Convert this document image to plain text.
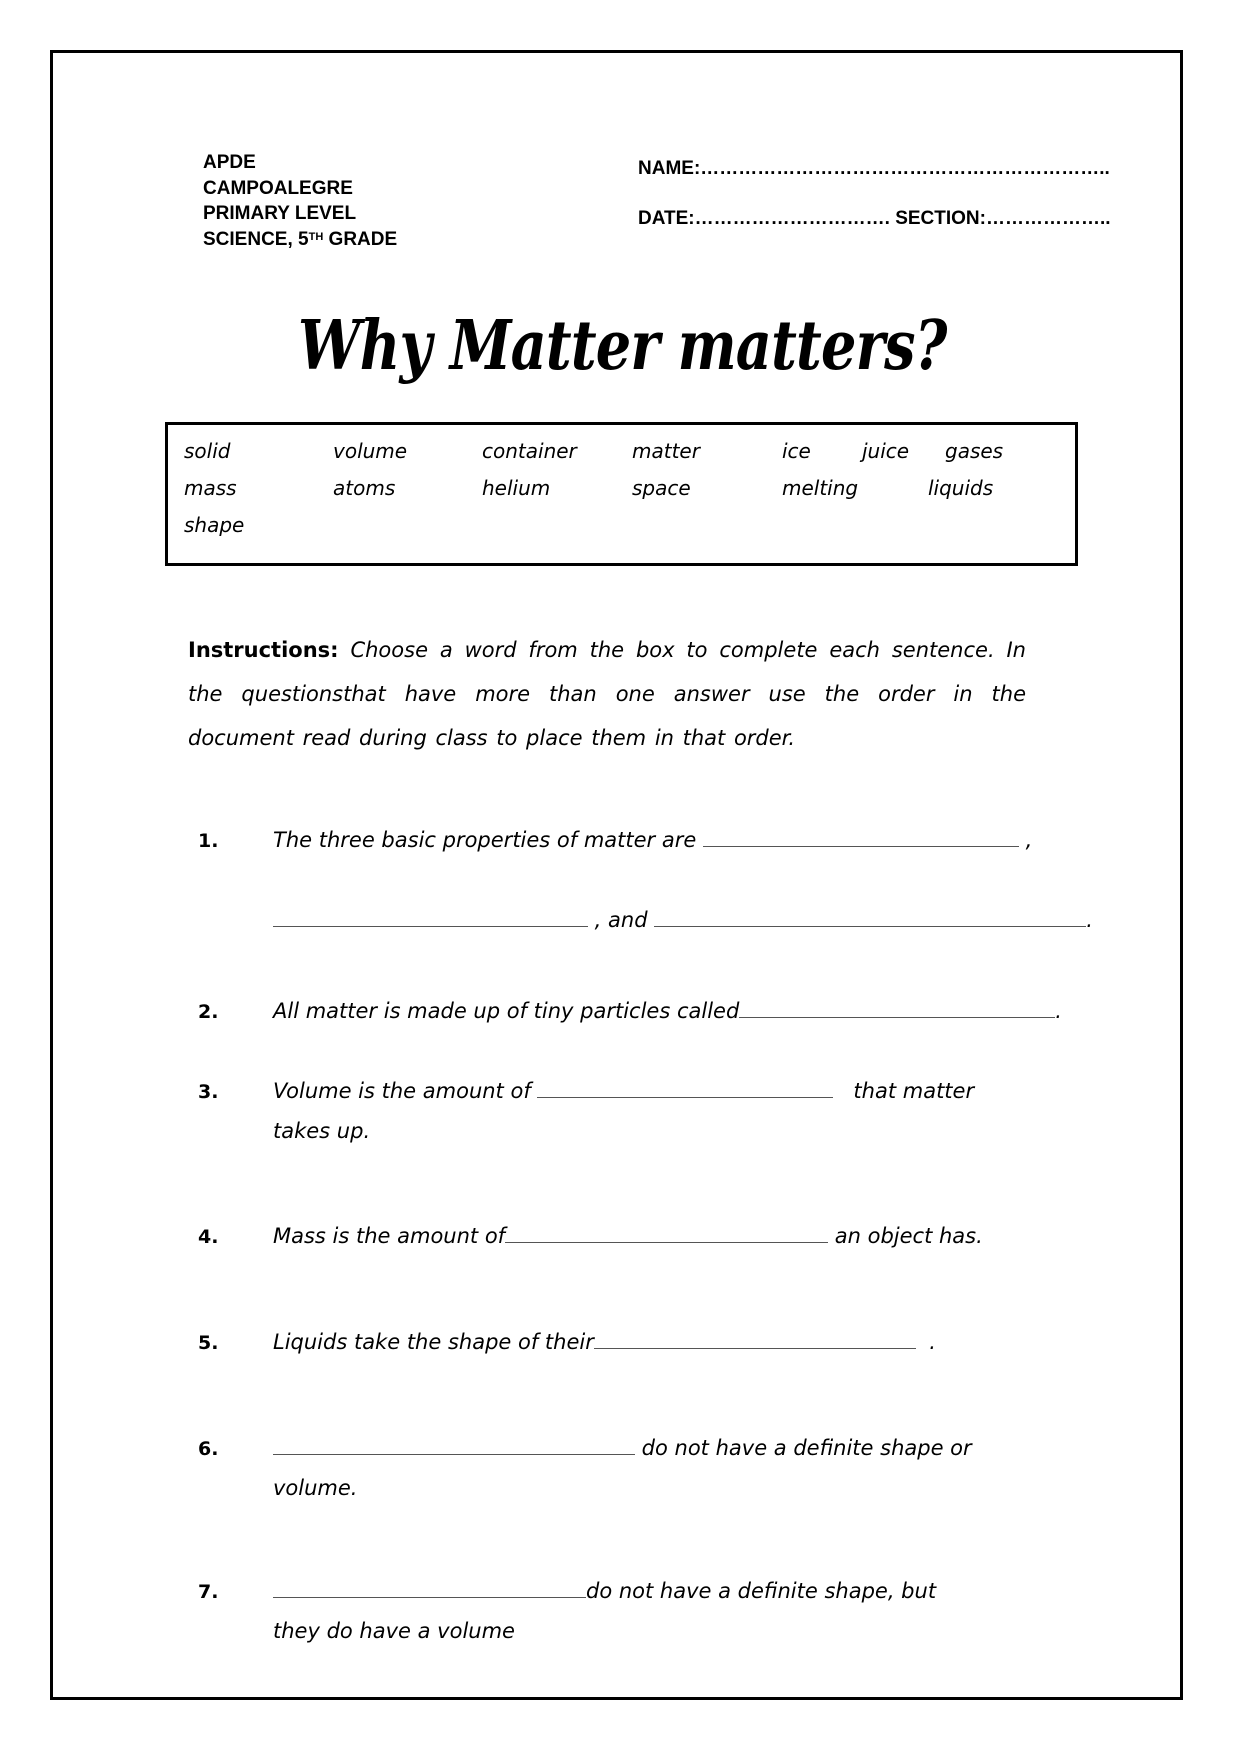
APDE
CAMPOALEGRE
PRIMARY LEVEL
SCIENCE, 5TH GRADE
NAME:………………………………………………………..
DATE:…………………………. SECTION:………………..
Why Matter matters?
solid	volume	container	matter	ice	juice gases
mass	atoms	helium	space	melting	liquids
shape
Instructions: Choose a word from the box to complete each sentence. In the questionsthat have more than one answer use the order in the document read during class to place them in that order.
1.	The three basic properties of matter are	,
, and	.
2.	All matter is made up of tiny particles called	.
3.	Volume is the amount of	that matter
takes up.
4.	Mass is the amount of	an object has.
5.	Liquids take the shape of their	.
6.	do not have a definite shape or
volume.
7.	do not have a definite shape, but
they do have a volume
